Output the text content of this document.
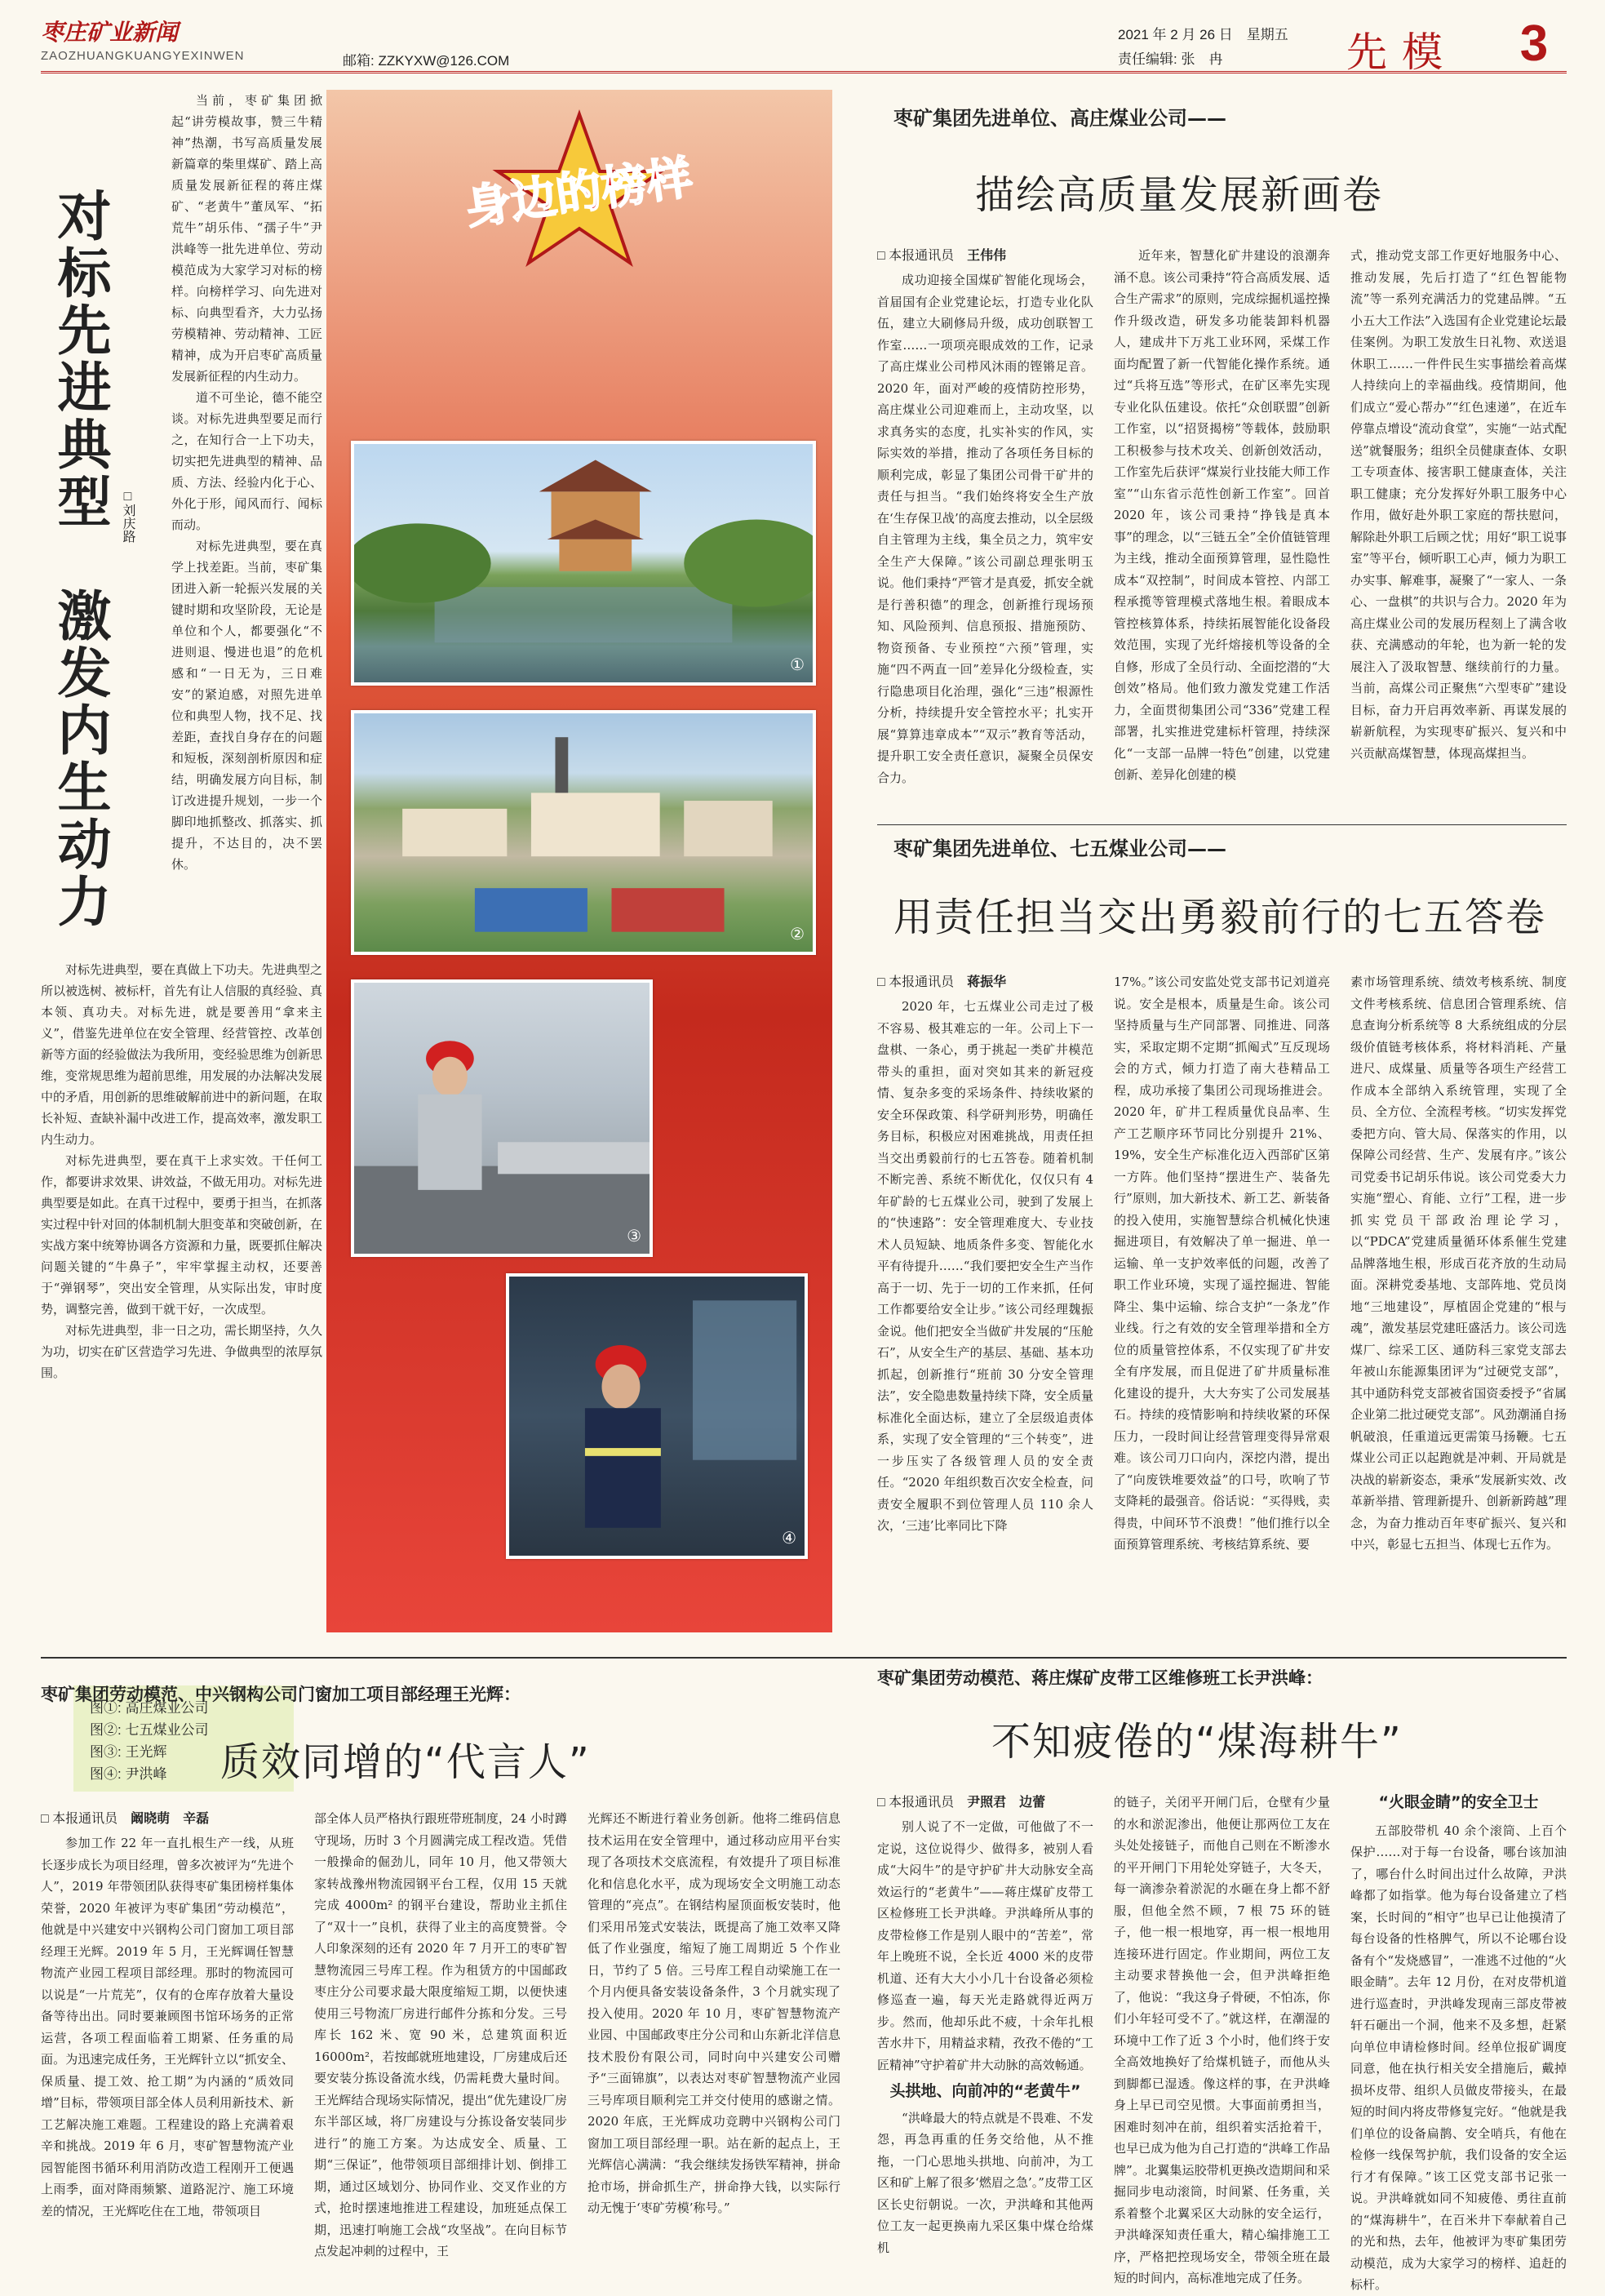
枣庄矿业新闻
ZAOZHUANGKUANGYEXINWEN	邮箱: ZZKYXW@126.COM
2021 年 2 月 26 日　星期五
责任编辑: 张　冉	先模	3
对标先进典型　激发内生动力 □刘庆路

当前，枣矿集团掀起“讲劳模故事，赞三牛精神”热潮，书写高质量发展新篇章的柴里煤矿、踏上高质量发展新征程的蒋庄煤矿、“老黄牛”董凤军、“拓荒牛”胡乐伟、“孺子牛”尹洪峰等一批先进单位、劳动模范成为大家学习对标的榜样。向榜样学习、向先进对标、向典型看齐，大力弘扬劳模精神、劳动精神、工匠精神，成为开启枣矿高质量发展新征程的内生动力。

道不可坐论，德不能空谈。对标先进典型要足而行之，在知行合一上下功夫，切实把先进典型的精神、品质、方法、经验内化于心、外化于形，闻风而行、闻标而动。

对标先进典型，要在真学上找差距。当前，枣矿集团进入新一轮振兴发展的关键时期和攻坚阶段，无论是单位和个人，都要强化“不进则退、慢进也退”的危机感和“一日无为，三日难安”的紧迫感，对照先进单位和典型人物，找不足、找差距，查找自身存在的问题和短板，深刻剖析原因和症结，明确发展方向目标，制订改进提升规划，一步一个脚印地抓整改、抓落实、抓提升，不达目的，决不罢休。

对标先进典型，要在真做上下功夫。先进典型之所以被选树、被标杆，首先有让人信服的真经验、真本领、真功夫。对标先进，就是要善用“拿来主义”，借鉴先进单位在安全管理、经营管控、改革创新等方面的经验做法为我所用，变经验思维为创新思维，变常规思维为超前思维，用发展的办法解决发展中的矛盾，用创新的思维破解前进中的新问题，在取长补短、查缺补漏中改进工作，提高效率，激发职工内生动力。

对标先进典型，要在真干上求实效。干任何工作，都要讲求效果、讲效益，不做无用功。对标先进典型要是如此。在真干过程中，要勇于担当，在抓落实过程中针对回的体制机制大胆变革和突破创新，在实战方案中统筹协调各方资源和力量，既要抓住解决问题关键的“牛鼻子”，牢牢掌握主动权，还要善于“弹钢琴”，突出安全管理，从实际出发，审时度势，调整完善，做到干就干好，一次成型。

对标先进典型，非一日之功，需长期坚持，久久为功，切实在矿区营造学习先进、争做典型的浓厚氛围。

身边的榜样
①
②
③
④
图①: 高庄煤业公司
图②: 七五煤业公司
图③: 王光辉
图④: 尹洪峰
枣矿集团先进单位、高庄煤业公司——
描绘高质量发展新画卷
□ 本报通讯员　 王伟伟
成功迎接全国煤矿智能化现场会，首届国有企业党建论坛，打造专业化队伍，建立大刷修局升级，成功创联智工作室……一项项亮眼成效的工作，记录了高庄煤业公司栉风沐雨的铿锵足音。2020 年，面对严峻的疫情防控形势，高庄煤业公司迎难而上，主动攻坚，以求真务实的态度，扎实补实的作风，实际实效的举措，推动了各项任务目标的顺利完成，彰显了集团公司骨干矿井的责任与担当。“我们始终将安全生产放在‘生存保卫战’的高度去推动，以全层级自主管理为主线，集全员之力，筑牢安全生产大保障。”该公司副总理张明玉说。他们秉持“严管才是真爱，抓安全就是行善积德”的理念，创新推行现场预知、风险预判、信息预报、措施预防、物资预备、专业预控“六预”管理，实施“四不两直一回”差异化分级检查，实行隐患项目化治理，强化“三违”根源性分析，持续提升安全管控水平；扎实开展“算算违章成本”“双示”教育等活动，提升职工安全责任意识，凝聚全员保安合力。
近年来，智慧化矿井建设的浪潮奔涌不息。该公司秉持“符合高质发展、适合生产需求”的原则，完成综掘机遥控操作升级改造，研发多功能装卸料机器人，建成井下万兆工业环网，采煤工作面均配置了新一代智能化操作系统。通过“兵将互选”等形式，在矿区率先实现专业化队伍建设。依托“众创联盟”创新工作室，以“招贤揭榜”等载体，鼓励职工积极参与技术攻关、创新创效活动，工作室先后获评“煤炭行业技能大师工作室”“山东省示范性创新工作室”。回首 2020 年，该公司秉持“挣钱是真本事”的理念，以“三链五全”全价值链管理为主线，推动全面预算管理，显性隐性成本“双控制”，时间成本管控、内部工程承揽等管理模式落地生根。着眼成本管控核算体系，持续拓展智能化设备段效范围，实现了光纤熔接机等设备的全自修，形成了全员行动、全面挖潜的“大创效”格局。他们致力激发党建工作活力，全面贯彻集团公司“336”党建工程部署，扎实推进党建标杆管理，持续深化“一支部一品牌一特色”创建，以党建创新、差异化创建的模
式，推动党支部工作更好地服务中心、推动发展，先后打造了“红色智能物流”等一系列充满活力的党建品牌。“五小五大工作法”入选国有企业党建论坛最佳案例。为职工发放生日礼物、欢送退休职工……一件件民生实事描绘着高煤人持续向上的幸福曲线。疫情期间，他们成立“爱心帮办”“红色速递”，在近车停靠点增设“流动食堂”，实施“一站式配送”就餐服务；组织全员健康查体、女职工专项查体、接害职工健康查体，关注职工健康；充分发挥好外职工服务中心作用，做好赴外职工家庭的帮扶慰问，解除赴外职工后顾之忧；用好“职工说事室”等平台，倾听职工心声，倾力为职工办实事、解难事，凝聚了“一家人、一条心、一盘棋”的共识与合力。2020 年为高庄煤业公司的发展历程刻上了满含收获、充满感动的年轮，也为新一轮的发展注入了汲取智慧、继续前行的力量。当前，高煤公司正聚焦“六型枣矿”建设目标，奋力开启再效率新、再谋发展的崭新航程，为实现枣矿振兴、复兴和中兴贡献高煤智慧，体现高煤担当。
枣矿集团先进单位、七五煤业公司——
用责任担当交出勇毅前行的七五答卷
□ 本报通讯员　 蒋振华
2020 年，七五煤业公司走过了极不容易、极其难忘的一年。公司上下一盘棋、一条心，勇于挑起一类矿井模范带头的重担，面对突如其来的新冠疫情、复杂多变的采场条件、持续收紧的安全环保政策、科学研判形势，明确任务目标，积极应对困难挑战，用责任担当交出勇毅前行的七五答卷。随着机制不断完善、系统不断优化，仅仅只有 4 年矿龄的七五煤业公司，驶到了发展上的“快速路”：安全管理难度大、专业技术人员短缺、地质条件多变、智能化水平有待提升……“我们要把安全生产当作高于一切、先于一切的工作来抓，任何工作都要给安全让步。”该公司经理魏振金说。他们把安全当做矿井发展的“压舱石”，从安全生产的基层、基础、基本功抓起，创新推行“班前 30 分安全管理法”，安全隐患数量持续下降，安全质量标准化全面达标，建立了全层级追责体系，实现了安全管理的“三个转变”，进一步压实了各级管理人员的安全责任。“2020 年组织数百次安全检查，问责安全履职不到位管理人员 110 余人次，‘三违’比率同比下降
17%。”该公司安监处党支部书记刘道亮说。安全是根本，质量是生命。该公司坚持质量与生产同部署、同推进、同落实，采取定期不定期“抓阄式”互反现场会的方式，倾力打造了南大巷精品工程，成功承接了集团公司现场推进会。2020 年，矿井工程质量优良品率、生产工艺顺序环节同比分别提升 21%、19%，安全生产标准化迈入西部矿区第一方阵。他们坚持“摆进生产、装备先行”原则，加大新技术、新工艺、新装备的投入使用，实施智慧综合机械化快速掘进项目，有效解决了单一掘进、单一运输、单一支护效率低的问题，改善了职工作业环境，实现了遥控掘进、智能降尘、集中运输、综合支护“一条龙”作业线。行之有效的安全管理举措和全方位的质量管控体系，不仅实现了矿井安全有序发展，而且促进了矿井质量标准化建设的提升，大大夯实了公司发展基石。持续的疫情影响和持续收紧的环保压力，一段时间让经营管理变得异常艰难。该公司刀口向内，深挖内潜，提出了“向废铁堆要效益”的口号，吹响了节支降耗的最强音。俗话说：“买得贱，卖得贵，中间环节不浪费！”他们推行以全面预算管理系统、考核结算系统、要
素市场管理系统、绩效考核系统、制度文件考核系统、信息团合管理系统、信息查询分析系统等 8 大系统组成的分层级价值链考核体系，将材料消耗、产量进尺、成煤量、质量等各项生产经营工作成本全部纳入系统管理，实现了全员、全方位、全流程考核。“切实发挥党委把方向、管大局、保落实的作用，以保障公司经营、生产、发展有序。”该公司党委书记胡乐伟说。该公司党委大力实施“塑心、育能、立行”工程，进一步抓实党员干部政治理论学习，以“PDCA”党建质量循环体系催生党建品牌落地生根，形成百花齐放的生动局面。深耕党委基地、支部阵地、党员岗地“三地建设”，厚植固企党建的“根与魂”，激发基层党建旺盛活力。该公司选煤厂、综采工区、通防科三家党支部去年被山东能源集团评为“过硬党支部”，其中通防科党支部被省国资委授予“省属企业第二批过硬党支部”。风劲潮涌自扬帆破浪，任重道远更需策马扬鞭。七五煤业公司正以起跑就是冲刺、开局就是决战的崭新姿态，秉承“发展新实效、改革新举措、管理新提升、创新新跨越”理念，为奋力推动百年枣矿振兴、复兴和中兴，彰显七五担当、体现七五作为。
枣矿集团劳动模范、中兴钢构公司门窗加工项目部经理王光辉：
质效同增的“代言人”
□ 本报通讯员　 阚晓萌　辛磊
参加工作 22 年一直扎根生产一线，从班长逐步成长为项目经理，曾多次被评为“先进个人”，2019 年带领团队获得枣矿集团榜样集体荣誉，2020 年被评为枣矿集团“劳动模范”，他就是中兴建安中兴钢构公司门窗加工项目部经理王光辉。2019 年 5 月，王光辉调任智慧物流产业园工程项目部经理。那时的物流园可以说是“一片荒芜”，仅有的仓库存放着大量设备等待出出。同时要兼顾图书馆环场务的正常运营，各项工程面临着工期紧、任务重的局面。为迅速完成任务，王光辉针立以“抓安全、保质量、提工效、抢工期”为内涵的“质效同增”目标，带领项目部全体人员利用新技术、新工艺解决施工难题。工程建设的路上充满着艰辛和挑战。2019 年 6 月，枣矿智慧物流产业园智能图书循环利用消防改造工程刚开工便遇上雨季，面对降雨频繁、道路泥泞、施工环境差的情况，王光辉吃住在工地，带领项目
部全体人员严格执行跟班带班制度，24 小时蹲守现场，历时 3 个月圆满完成工程改造。凭借一般操命的倔劲儿，同年 10 月，他又带领大家转战豫州物流园钢平台工程，仅用 15 天就完成 4000m² 的钢平台建设，帮助业主抓住了“双十一”良机，获得了业主的高度赞誉。令人印象深刻的还有 2020 年 7 月开工的枣矿智慧物流园三号库工程。作为租赁方的中国邮政枣庄分公司要求最大限度缩短工期，以便快速使用三号物流厂房进行邮件分拣和分发。三号库长 162 米、宽 90 米，总建筑面积近 16000m²，若按邮就班地建设，厂房建成后还要安装分拣设备流水线，仍需耗费大量时间。王光辉结合现场实际情况，提出“优先建设厂房东半部区域，将厂房建设与分拣设备安装同步进行”的施工方案。为达成安全、质量、工期“三保证”，他带领项目部细排计划、倒排工期，通过区域划分、协同作业、交叉作业的方式，抢时摆速地推进工程建设，加班延点保工期，迅速打响施工会战“攻坚战”。在向目标节点发起冲刺的过程中，王
光辉还不断进行着业务创新。他将二维码信息技术运用在安全管理中，通过移动应用平台实现了各项技术交底流程，有效提升了项目标准化和信息化水平，成为现场安全文明施工动态管理的“亮点”。在钢结构屋顶面板安装时，他们采用吊笼式安装法，既提高了施工效率又降低了作业强度，缩短了施工周期近 5 个作业日，节约了 5 倍。三号库工程自动梁施工在一个月内便具备安装设备条件，3 个月就实现了投入使用。2020 年 10 月，枣矿智慧物流产业园、中国邮政枣庄分公司和山东新北洋信息技术股份有限公司，同时向中兴建安公司赠予“三面锦旗”，以表达对枣矿智慧物流产业园三号库项目顺利完工并交付使用的感谢之情。2020 年底，王光辉成功竞聘中兴钢构公司门窗加工项目部经理一职。站在新的起点上，王光辉信心满满：“我会继续发扬铁军精神，拼命抢市场，拼命抓生产，拼命挣大钱，以实际行动无愧于‘枣矿劳模’称号。”
枣矿集团劳动模范、蒋庄煤矿皮带工区维修班工长尹洪峰：
不知疲倦的“煤海耕牛”
□ 本报通讯员　 尹照君　边蕾

别人说了不一定做，可他做了不一定说，这位说得少、做得多，被别人看成“大闷牛”的是守护矿井大动脉安全高效运行的“老黄牛”——蒋庄煤矿皮带工区检修班工长尹洪峰。尹洪峰所从事的皮带检修工作是别人眼中的“苦差”，常年上晚班不说，全长近 4000 米的皮带机道、还有大大小小几十台设备必须检修巡查一遍，每天光走路就得近两万步。然而，他却乐此不疲，十余年扎根苦水井下，用精益求精，孜孜不倦的“工匠精神”守护着矿井大动脉的高效畅通。

头拱地、向前冲的“老黄牛”

“洪峰最大的特点就是不畏难、不发怨，再急再重的任务交给他，从不推拖，一门心思地头拱地、向前冲，为工区和矿上解了很多‘燃眉之急’。”皮带工区区长史衍朝说。一次，尹洪峰和其他两位工友一起更换南九采区集中煤仓给煤机

的链子，关闭平开闸门后，仓壁有少量的水和淤泥渗出，他便让那两位工友在头处处接链子，而他自己则在不断渗水的平开闸门下用轮处穿链子，大冬天，每一滴渗杂着淤泥的水砸在身上都不舒服，但他全然不顾，7 根 75 环的链子，他一根一根地穿，再一根一根地用连接环进行固定。作业期间，两位工友主动要求替换他一会，但尹洪峰拒绝了，他说：“我这身子骨硬，不怕冻，你们小年轻可受不了。”就这样，在潮湿的环境中工作了近 3 个小时，他们终于安全高效地换好了给煤机链子，而他从头到脚都已湿透。像这样的事，在尹洪峰身上早已司空见惯。大事面前勇担当，困难时刻冲在前，组织着实活抢着干，也早已成为他为自己打造的“洪峰工作品牌”。北翼集运胶带机更换改造期间和采掘同步电动滚筒，时间紧、任务重，关系着整个北翼采区大动脉的安全运行，尹洪峰深知责任重大，精心编排施工工序，严格把控现场安全，带领全班在最短的时间内，高标准地完成了任务。
“火眼金睛”的安全卫士

五部胶带机 40 余个滚筒、上百个保护……对于每一台设备，哪台该加油了，哪台什么时间出过什么故障，尹洪峰都了如指掌。他为每台设备建立了档案，长时间的“相守”也早已让他摸清了每台设备的性格脾气，所以不论哪台设备有个“发烧感冒”，一准逃不过他的“火眼金睛”。去年 12 月份，在对皮带机道进行巡查时，尹洪峰发现南三部皮带被轩石砸出一个洞，他来不及多想，赶紧向单位申请检修时间。经单位报矿调度同意，他在执行相关安全措施后，戴掉损坏皮带、组织人员做皮带接头，在最短的时间内将皮带修复完好。“他就是我们单位的设备扁鹊、安全哨兵，有他在检修一线保驾护航，我们设备的安全运行才有保障。”该工区党支部书记张一说。尹洪峰就如同不知疲倦、勇往直前的“煤海耕牛”，在百米井下奉献着自己的光和热，去年，他被评为枣矿集团劳动模范，成为大家学习的榜样、追赶的标杆。
